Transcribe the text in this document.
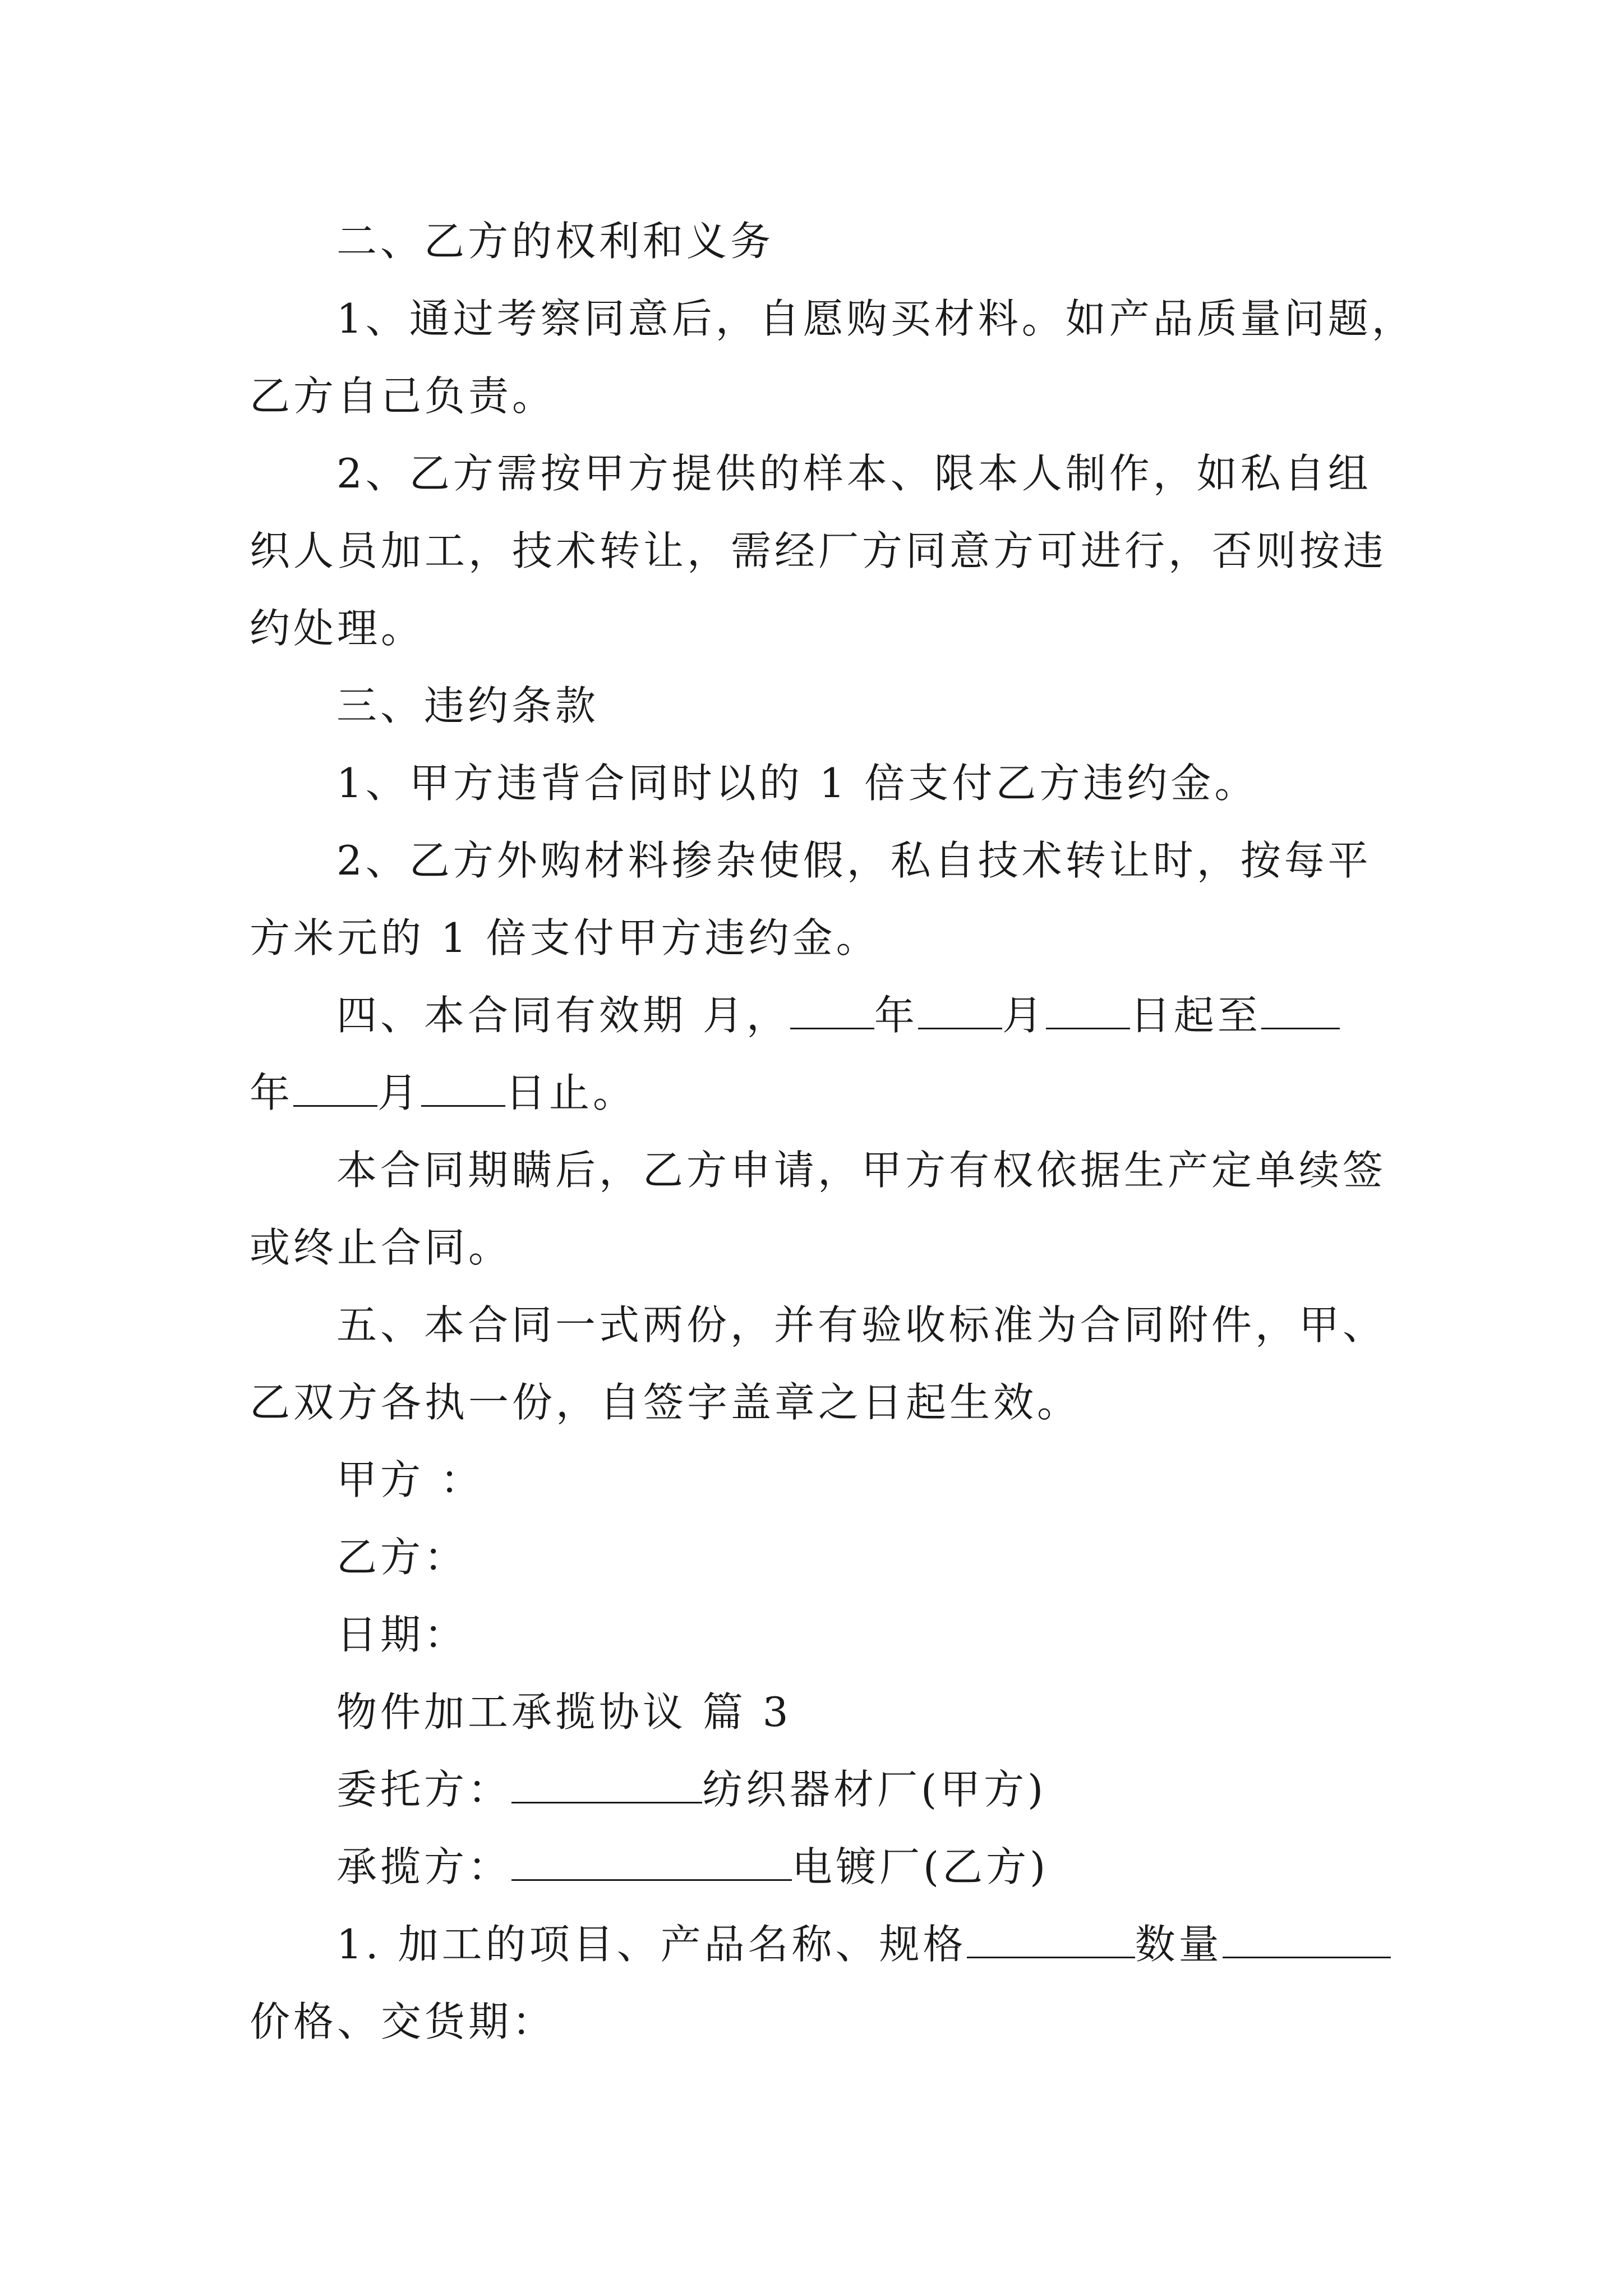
二、乙方的权利和义务
1、通过考察同意后，自愿购买材料。如产品质量问题，
乙方自己负责。
2、乙方需按甲方提供的样本、限本人制作，如私自组
织人员加工，技术转让，需经厂方同意方可进行，否则按违
约处理。
三、违约条款
1、甲方违背合同时以的 1 倍支付乙方违约金。
2、乙方外购材料掺杂使假，私自技术转让时，按每平
方米元的 1 倍支付甲方违约金。
四、本合同有效期 月， 年 月 日起至
年 月 日止。
本合同期瞒后，乙方申请，甲方有权依据生产定单续签
或终止合同。
五、本合同一式两份，并有验收标准为合同附件，甲、
乙双方各执一份，自签字盖章之日起生效。
甲方 ：
乙方：
日期：
物件加工承揽协议 篇 3
委托方：	纺织器材厂(甲方)
承揽方：	电镀厂(乙方)
1. 加工的项目、产品名称、规格	数量
价格、交货期：
